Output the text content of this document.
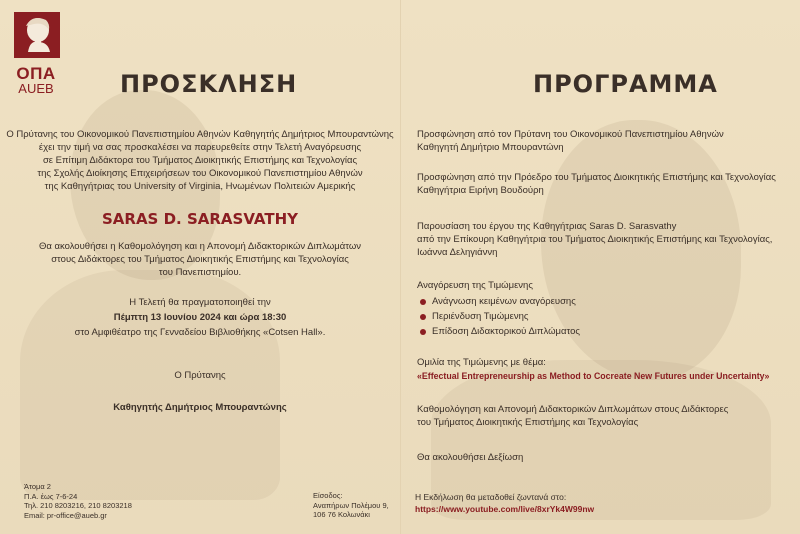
ΟΠΑ
AUEB	ΠΡΟΣΚΛΗΣΗ
Ο Πρύτανης του Οικονομικού Πανεπιστημίου Αθηνών Καθηγητής Δημήτριος Μπουραντώνης
έχει την τιμή να σας προσκαλέσει να παρευρεθείτε στην Τελετή Αναγόρευσης
σε Επίτιμη Διδάκτορα του Τμήματος Διοικητικής Επιστήμης και Τεχνολογίας
της Σχολής Διοίκησης Επιχειρήσεων του Οικονομικού Πανεπιστημίου Αθηνών
της Καθηγήτριας του University of Virginia, Ηνωμένων Πολιτειών Αμερικής
SARAS D. SARASVATHY
Θα ακολουθήσει η Καθομολόγηση και η Απονομή Διδακτορικών Διπλωμάτων
στους Διδάκτορες του Τμήματος Διοικητικής Επιστήμης και Τεχνολογίας
του Πανεπιστημίου.
Η Τελετή θα πραγματοποιηθεί την
Πέμπτη 13 Ιουνίου 2024 και ώρα 18:30
στο Αμφιθέατρο της Γενναδείου Βιβλιοθήκης «Cotsen Hall».
Ο Πρύτανης
Καθηγητής Δημήτριος Μπουραντώνης
Άτομα 2
Π.Α. έως 7-6-24
Τηλ. 210 8203216, 210 8203218
Email: pr-office@aueb.gr
Είσοδος:
Αναπήρων Πολέμου 9,
106 76 Κολωνάκι
ΠΡΟΓΡΑΜΜΑ
Προσφώνηση από τον Πρύτανη του Οικονομικού Πανεπιστημίου Αθηνών
Καθηγητή Δημήτριο Μπουραντώνη
Προσφώνηση από την Πρόεδρο του Τμήματος Διοικητικής Επιστήμης και Τεχνολογίας
Καθηγήτρια Ειρήνη Βουδούρη
Παρουσίαση του έργου της Καθηγήτριας Saras D. Sarasvathy
από την Επίκουρη Καθηγήτρια του Τμήματος Διοικητικής Επιστήμης και Τεχνολογίας,
Ιωάννα Δεληγιάννη
Αναγόρευση της Τιμώμενης
Ανάγνωση κειμένων αναγόρευσης
Περιένδυση Τιμώμενης
Επίδοση Διδακτορικού Διπλώματος
Ομιλία της Τιμώμενης με θέμα:
«Effectual Entrepreneurship as Method to Cocreate New Futures under Uncertainty»
Καθομολόγηση και Απονομή Διδακτορικών Διπλωμάτων στους Διδάκτορες
του Τμήματος Διοικητικής Επιστήμης και Τεχνολογίας
Θα ακολουθήσει Δεξίωση
Η Εκδήλωση θα μεταδοθεί ζωντανά στο:
https://www.youtube.com/live/8xrYk4W99nw
